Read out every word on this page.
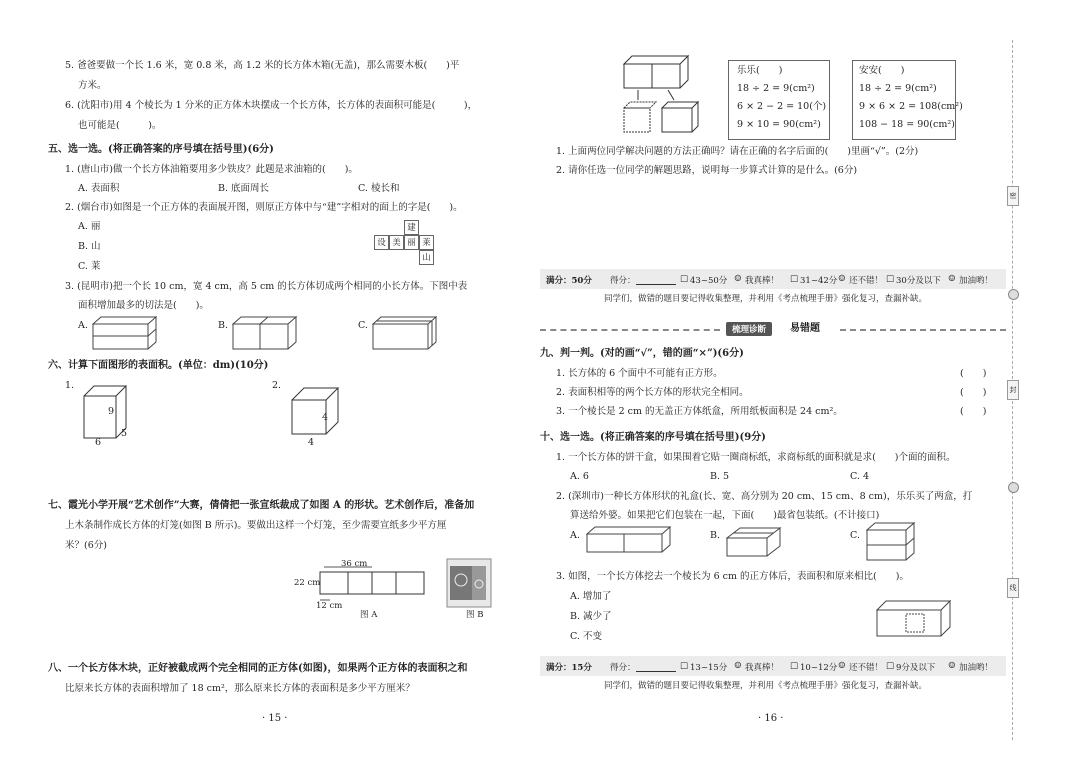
5. 爸爸要做一个长 1.6 米，宽 0.8 米，高 1.2 米的长方体木箱(无盖)，那么需要木板(　　)平
方米。
6. (沈阳市)用 4 个棱长为 1 分米的正方体木块摆成一个长方体，长方体的表面积可能是(　　　)，
也可能是(　　　)。
五、选一选。(将正确答案的序号填在括号里)(6分)
1. (唐山市)做一个长方体油箱要用多少铁皮？此题是求油箱的(　　)。
A. 表面积	B. 底面周长	C. 棱长和
2. (烟台市)如图是一个正方体的表面展开图，则原正方体中与“建”字相对的面上的字是(　　)。
A. 丽
B. 山
C. 莱
建
设 美 丽 莱
山
3. (昆明市)把一个长 10 cm，宽 4 cm，高 5 cm 的长方体切成两个相同的小长方体。下图中表
面积增加最多的切法是(　　)。
A.	B.	C.
六、计算下面图形的表面积。(单位：dm)(10分)
1.	2.
9
6
5
4
4
七、霞光小学开展“艺术创作”大赛，倩倩把一张宣纸裁成了如图 A 的形状。艺术创作后，准备加
上木条制作成长方体的灯笼(如图 B 所示)。要做出这样一个灯笼，至少需要宣纸多少平方厘
米？(6分)
36 cm
22 cm
12 cm
图 A	图 B
八、一个长方体木块，正好被截成两个完全相同的正方体(如图)，如果两个正方体的表面积之和
比原来长方体的表面积增加了 18 cm²，那么原来长方体的表面积是多少平方厘米？
· 15 ·
乐乐(　　)
18 ÷ 2 = 9(cm²)
6 × 2 − 2 = 10(个)
9 × 10 = 90(cm²)
安安(　　)
18 ÷ 2 = 9(cm²)
9 × 6 × 2 = 108(cm²)
108 − 18 = 90(cm²)
1. 上面两位同学解决问题的方法正确吗？请在正确的名字后面的(　　)里画“√”。(2分)
2. 请你任选一位同学的解题思路，说明每一步算式计算的是什么。(6分)
满分：50分 得分：	□ 43~50分 ☺ 我真棒！ □ 31~42分 ☺ 还不错！ □ 30分及以下 ☺ 加油哟！
同学们，做错的题目要记得收集整理，并利用《考点梳理手册》强化复习，查漏补缺。
梳理诊断	易错题
九、判一判。(对的画“√”，错的画“×”)(6分)
1. 长方体的 6 个面中不可能有正方形。	(　　)
2. 表面积相等的两个长方体的形状完全相同。	(　　)
3. 一个棱长是 2 cm 的无盖正方体纸盒，所用纸板面积是 24 cm²。	(　　)
十、选一选。(将正确答案的序号填在括号里)(9分)
1. 一个长方体的饼干盒，如果围着它贴一圈商标纸，求商标纸的面积就是求(　　)个面的面积。
A. 6	B. 5	C. 4
2. (深圳市)一种长方体形状的礼盒(长、宽、高分别为 20 cm、15 cm、8 cm)，乐乐买了两盒，打
算送给外婆。如果把它们包装在一起，下面(　　)最省包装纸。(不计接口)
A.	B.	C.
3. 如图，一个长方体挖去一个棱长为 6 cm 的正方体后，表面积和原来相比(　　)。
A. 增加了
B. 减少了
C. 不变
满分：15分 得分：	□ 13~15分 ☺ 我真棒！ □ 10~12分 ☺ 还不错！ □ 9分及以下 ☺ 加油哟！
同学们，做错的题目要记得收集整理，并利用《考点梳理手册》强化复习，查漏补缺。
· 16 ·
密
封
线
